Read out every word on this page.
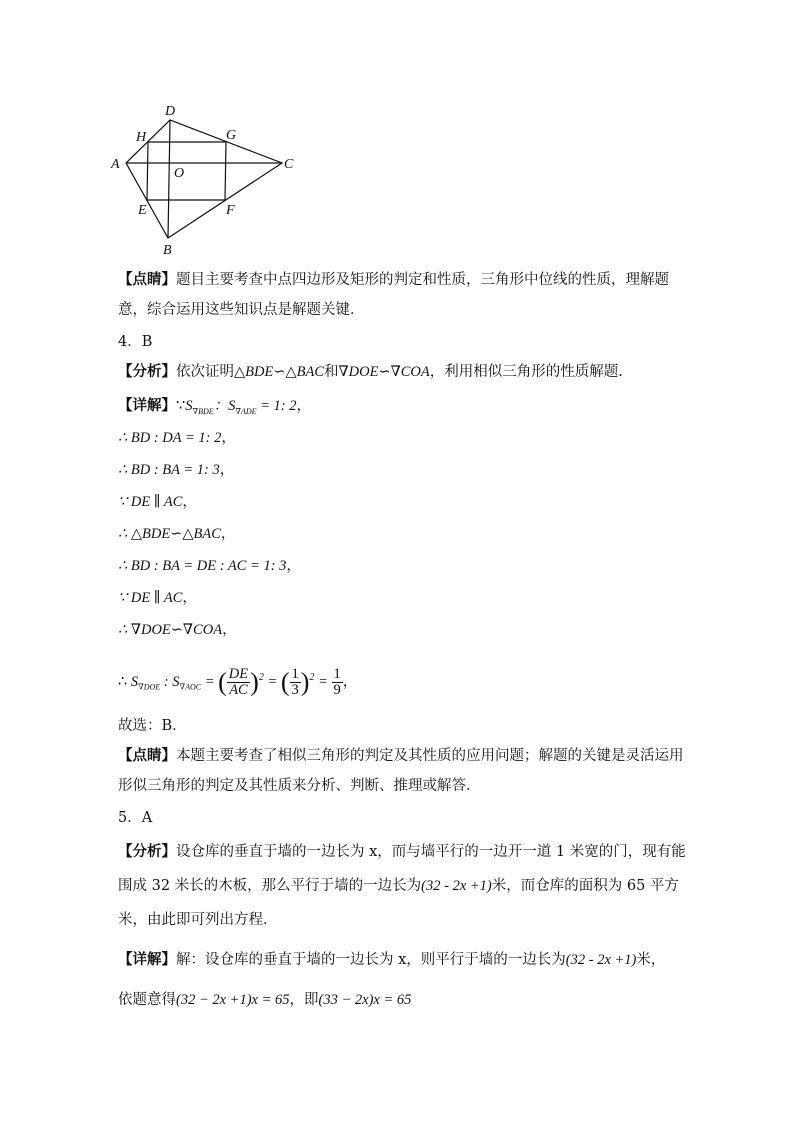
D
H	G
A
O
C
E	F
B
【点睛】题目主要考查中点四边形及矩形的判定和性质，三角形中位线的性质，理解题
意，综合运用这些知识点是解题关键．
4．B
【分析】依次证明△BDE∽△BAC和∇DOE∽∇COA，利用相似三角形的性质解题.
【详解】$\because S_{\nabla BDE}$：$S_{\nabla ADE} = 1$: 2，
∴ BD : DA = 1: 2，
∴ BD : BA = 1: 3，
∵ DE ∥ AC，
∴ △BDE∽△BAC，
∴ BD : BA = DE : AC = 1: 3，
∵ DE ∥ AC，
∴ ∇DOE∽∇COA，
∴ $S_{\nabla DOE}$ : $S_{\nabla AOC}$ = ( $\frac{DE}{AC} )^2$ = ( $\frac{1}{3} )^2 = \frac{1}{9}$ ，
故选：B．
【点睛】本题主要考查了相似三角形的判定及其性质的应用问题；解题的关键是灵活运用
形似三角形的判定及其性质来分析、判断、推理或解答．
5．A
【分析】设仓库的垂直于墙的一边长为 x，而与墙平行的一边开一道 1 米宽的门，现有能
围成 32 米长的木板，那么平行于墙的一边长为(32 - 2x +1)米，而仓库的面积为 65 平方
米，由此即可列出方程．
【详解】解：设仓库的垂直于墙的一边长为 x，则平行于墙的一边长为(32 - 2x +1)米，
依题意得(32 − 2x +1)x = 65，即(33 − 2x)x = 65
